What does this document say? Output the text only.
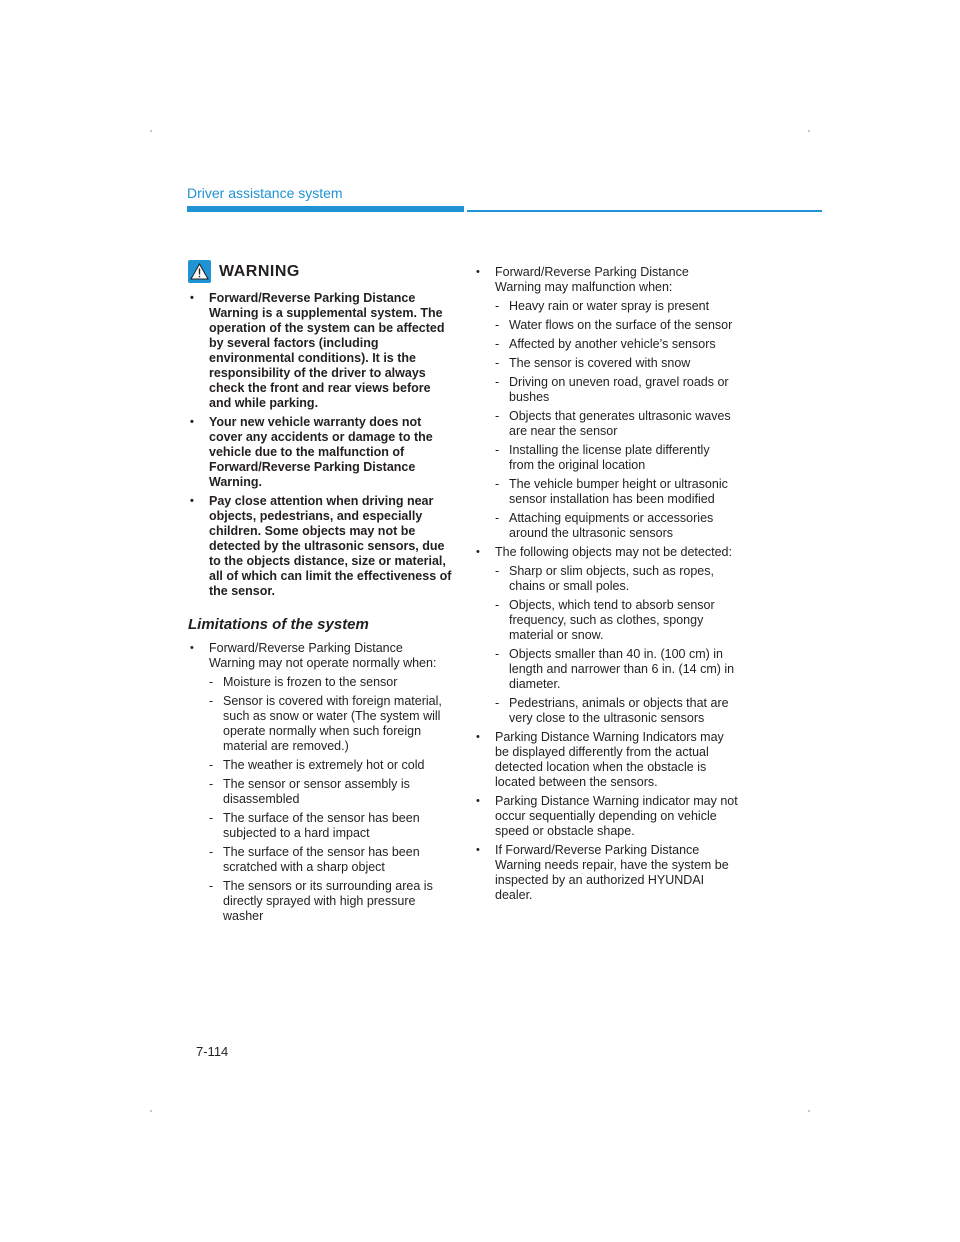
Driver assistance system
WARNING
• Forward/Reverse Parking Distance Warning is a supplemental system. The operation of the system can be affected by several factors (including environmental conditions). It is the responsibility of the driver to always check the front and rear views before and while parking.
• Your new vehicle warranty does not cover any accidents or damage to the vehicle due to the malfunction of Forward/Reverse Parking Distance Warning.
• Pay close attention when driving near objects, pedestrians, and especially children. Some objects may not be detected by the ultrasonic sensors, due to the objects distance, size or material, all of which can limit the effectiveness of the sensor.
Limitations of the system
• Forward/Reverse Parking Distance Warning may not operate normally when:
- Moisture is frozen to the sensor
- Sensor is covered with foreign material, such as snow or water (The system will operate normally when such foreign material are removed.)
- The weather is extremely hot or cold
- The sensor or sensor assembly is disassembled
- The surface of the sensor has been subjected to a hard impact
- The surface of the sensor has been scratched with a sharp object
- The sensors or its surrounding area is directly sprayed with high pressure washer
• Forward/Reverse Parking Distance Warning may malfunction when:
- Heavy rain or water spray is present
- Water flows on the surface of the sensor
- Affected by another vehicle’s sensors
- The sensor is covered with snow
- Driving on uneven road, gravel roads or bushes
- Objects that generates ultrasonic waves are near the sensor
- Installing the license plate differently from the original location
- The vehicle bumper height or ultrasonic sensor installation has been modified
- Attaching equipments or accessories around the ultrasonic sensors
• The following objects may not be detected:
- Sharp or slim objects, such as ropes, chains or small poles.
- Objects, which tend to absorb sensor frequency, such as clothes, spongy material or snow.
- Objects smaller than 40 in. (100 cm) in length and narrower than 6 in. (14 cm) in diameter.
- Pedestrians, animals or objects that are very close to the ultrasonic sensors
• Parking Distance Warning Indicators may be displayed differently from the actual detected location when the obstacle is located between the sensors.
• Parking Distance Warning indicator may not occur sequentially depending on vehicle speed or obstacle shape.
• If Forward/Reverse Parking Distance Warning needs repair, have the system be inspected by an authorized HYUNDAI dealer.
7-114
